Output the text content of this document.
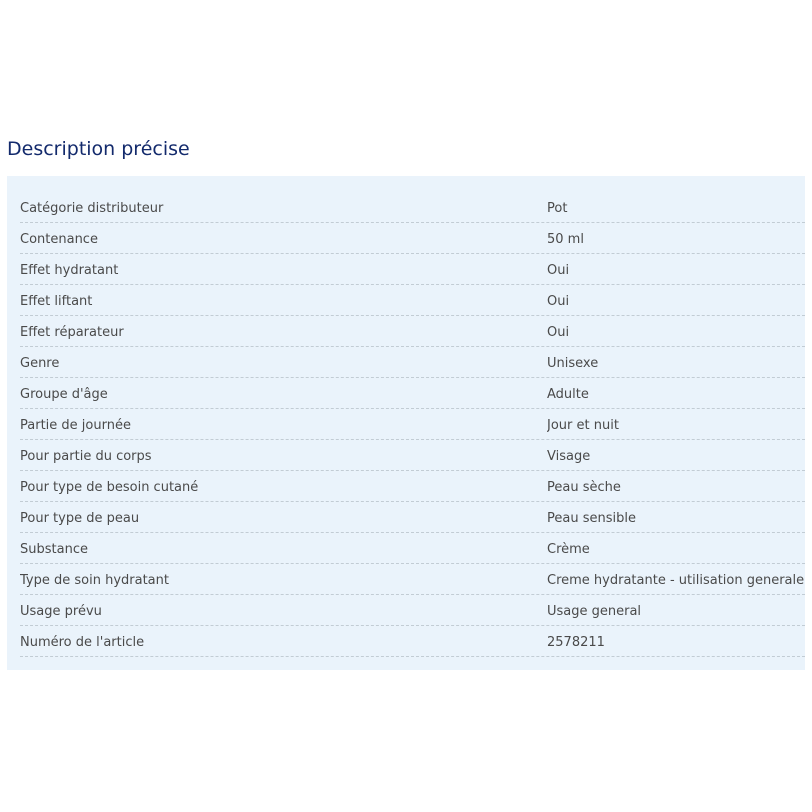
Description précise
Catégorie distributeur	Pot
Contenance	50 ml
Effet hydratant	Oui
Effet liftant	Oui
Effet réparateur	Oui
Genre	Unisexe
Groupe d'âge	Adulte
Partie de journée	Jour et nuit
Pour partie du corps	Visage
Pour type de besoin cutané	Peau sèche
Pour type de peau	Peau sensible
Substance	Crème
Type de soin hydratant	Creme hydratante - utilisation generale
Usage prévu	Usage general
Numéro de l'article	2578211
